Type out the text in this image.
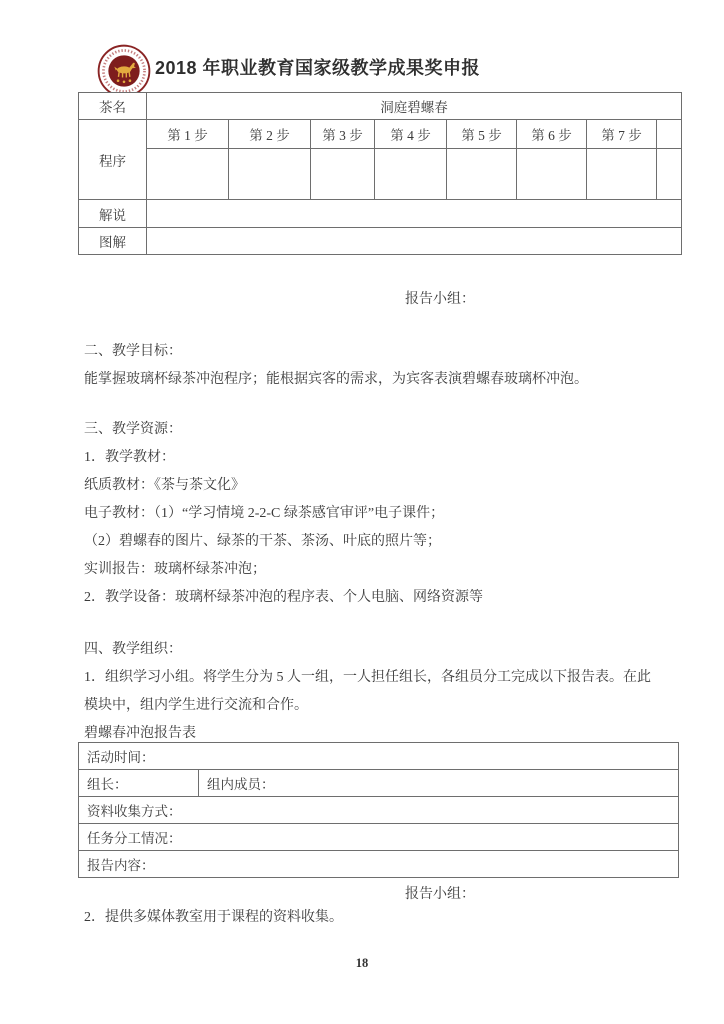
2018 年职业教育国家级教学成果奖申报
茶名	洞庭碧螺春							
程序	第 1 步	第 2 步	第 3 步	第 4 步	第 5 步	第 6 步	第 7 步	

解说								
图解								
报告小组：
二、教学目标：
能掌握玻璃杯绿茶冲泡程序；能根据宾客的需求，为宾客表演碧螺春玻璃杯冲泡。
三、教学资源：
1．教学教材：
纸质教材：《茶与茶文化》
电子教材：（1）“学习情境 2-2-C 绿茶感官审评”电子课件；
（2）碧螺春的图片、绿茶的干茶、茶汤、叶底的照片等；
实训报告：玻璃杯绿茶冲泡；
2．教学设备：玻璃杯绿茶冲泡的程序表、个人电脑、网络资源等
四、教学组织：
1．组织学习小组。将学生分为 5 人一组，一人担任组长，各组员分工完成以下报告表。在此
模块中，组内学生进行交流和合作。
碧螺春冲泡报告表
活动时间：
组长：	组内成员：
资料收集方式：
任务分工情况：
报告内容：
报告小组：
2．提供多媒体教室用于课程的资料收集。
18
